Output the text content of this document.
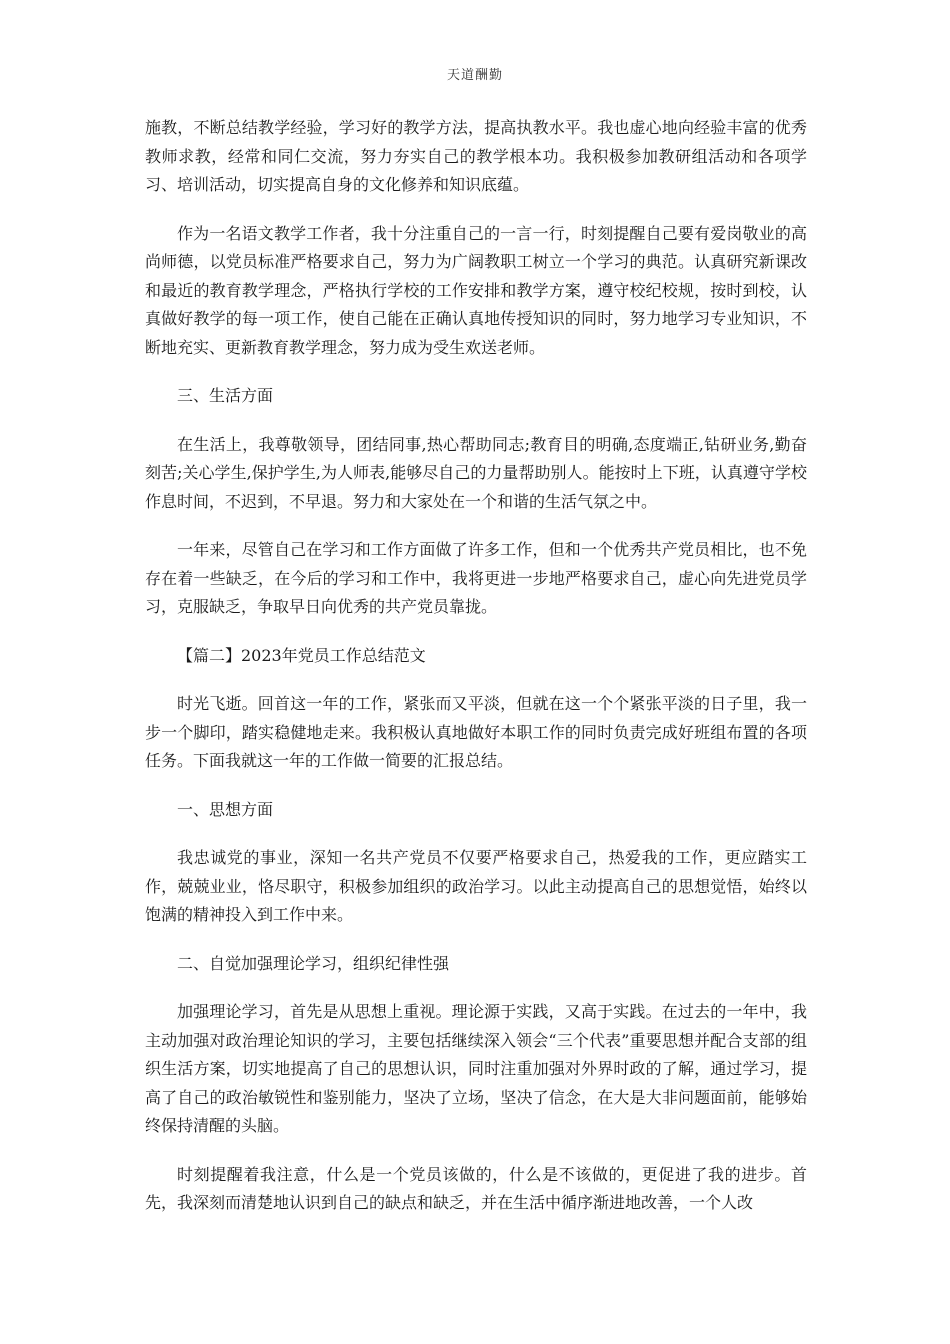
天道酬勤

施教，不断总结教学经验，学习好的教学方法，提高执教水平。我也虚心地向经验丰富的优秀教师求教，经常和同仁交流，努力夯实自己的教学根本功。我积极参加教研组活动和各项学习、培训活动，切实提高自身的文化修养和知识底蕴。

作为一名语文教学工作者，我十分注重自己的一言一行，时刻提醒自己要有爱岗敬业的高尚师德，以党员标准严格要求自己，努力为广阔教职工树立一个学习的典范。认真研究新课改和最近的教育教学理念，严格执行学校的工作安排和教学方案，遵守校纪校规，按时到校，认真做好教学的每一项工作，使自己能在正确认真地传授知识的同时，努力地学习专业知识，不断地充实、更新教育教学理念，努力成为受生欢送老师。

三、生活方面

在生活上，我尊敬领导，团结同事,热心帮助同志;教育目的明确,态度端正,钻研业务,勤奋刻苦;关心学生,保护学生,为人师表,能够尽自己的力量帮助别人。能按时上下班，认真遵守学校作息时间，不迟到，不早退。努力和大家处在一个和谐的生活气氛之中。

一年来，尽管自己在学习和工作方面做了许多工作，但和一个优秀共产党员相比，也不免存在着一些缺乏，在今后的学习和工作中，我将更进一步地严格要求自己，虚心向先进党员学习，克服缺乏，争取早日向优秀的共产党员靠拢。

【篇二】2023年党员工作总结范文

时光飞逝。回首这一年的工作，紧张而又平淡，但就在这一个个紧张平淡的日子里，我一步一个脚印，踏实稳健地走来。我积极认真地做好本职工作的同时负责完成好班组布置的各项任务。下面我就这一年的工作做一简要的汇报总结。

一、思想方面

我忠诚党的事业，深知一名共产党员不仅要严格要求自己，热爱我的工作，更应踏实工作，兢兢业业，恪尽职守，积极参加组织的政治学习。以此主动提高自己的思想觉悟，始终以饱满的精神投入到工作中来。

二、自觉加强理论学习，组织纪律性强

加强理论学习，首先是从思想上重视。理论源于实践，又高于实践。在过去的一年中，我主动加强对政治理论知识的学习，主要包括继续深入领会“三个代表”重要思想并配合支部的组织生活方案，切实地提高了自己的思想认识，同时注重加强对外界时政的了解，通过学习，提高了自己的政治敏锐性和鉴别能力，坚决了立场，坚决了信念，在大是大非问题面前，能够始终保持清醒的头脑。

时刻提醒着我注意，什么是一个党员该做的，什么是不该做的，更促进了我的进步。首先，我深刻而清楚地认识到自己的缺点和缺乏，并在生活中循序渐进地改善，一个人改
